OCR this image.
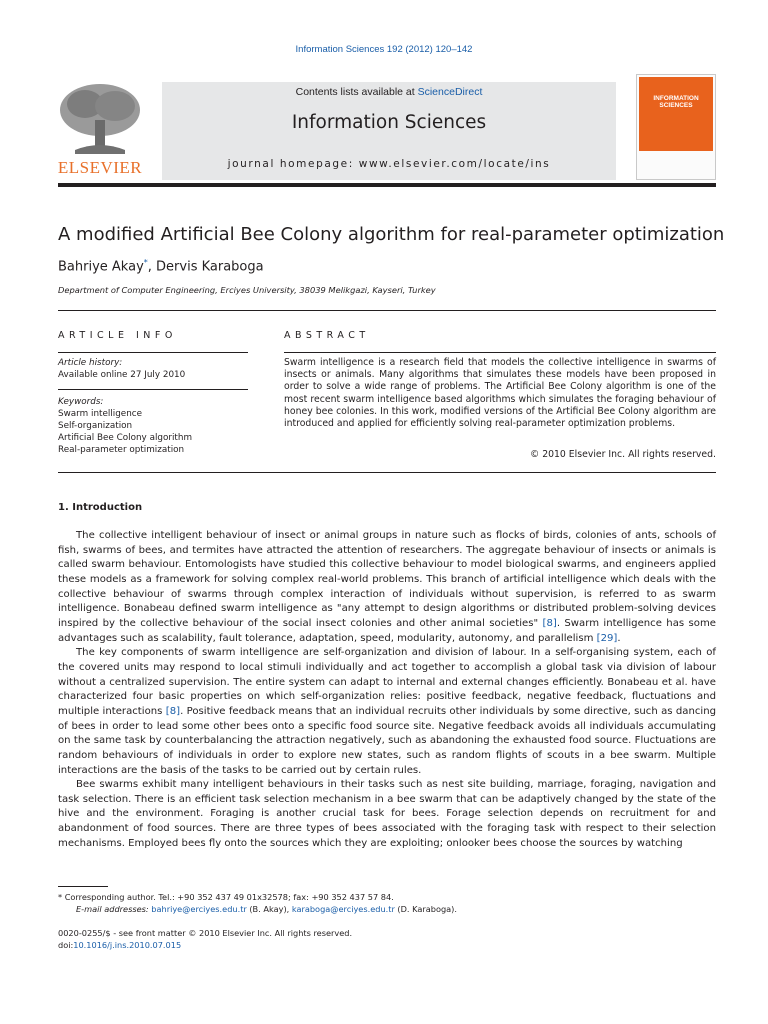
Information Sciences 192 (2012) 120–142
ELSEVIER
Contents lists available at ScienceDirect
Information Sciences
journal homepage: www.elsevier.com/locate/ins
INFORMATION
SCIENCES
A modified Artificial Bee Colony algorithm for real-parameter optimization
Bahriye Akay*, Dervis Karaboga
Department of Computer Engineering, Erciyes University, 38039 Melikgazi, Kayseri, Turkey
ARTICLE INFO	ABSTRACT
Article history:
Available online 27 July 2010
Keywords:
Swarm intelligence
Self-organization
Artificial Bee Colony algorithm
Real-parameter optimization
Swarm intelligence is a research field that models the collective intelligence in swarms of insects or animals. Many algorithms that simulates these models have been proposed in order to solve a wide range of problems. The Artificial Bee Colony algorithm is one of the most recent swarm intelligence based algorithms which simulates the foraging behaviour of honey bee colonies. In this work, modified versions of the Artificial Bee Colony algorithm are introduced and applied for efficiently solving real-parameter optimization problems.
© 2010 Elsevier Inc. All rights reserved.
1. Introduction

The collective intelligent behaviour of insect or animal groups in nature such as flocks of birds, colonies of ants, schools of fish, swarms of bees, and termites have attracted the attention of researchers. The aggregate behaviour of insects or animals is called swarm behaviour. Entomologists have studied this collective behaviour to model biological swarms, and engineers applied these models as a framework for solving complex real-world problems. This branch of artificial intelligence which deals with the collective behaviour of swarms through complex interaction of individuals without supervision, is referred to as swarm intelligence. Bonabeau defined swarm intelligence as "any attempt to design algorithms or distributed problem-solving devices inspired by the collective behaviour of the social insect colonies and other animal societies" [8]. Swarm intelligence has some advantages such as scalability, fault tolerance, adaptation, speed, modularity, autonomy, and parallelism [29].

The key components of swarm intelligence are self-organization and division of labour. In a self-organising system, each of the covered units may respond to local stimuli individually and act together to accomplish a global task via division of labour without a centralized supervision. The entire system can adapt to internal and external changes efficiently. Bonabeau et al. have characterized four basic properties on which self-organization relies: positive feedback, negative feedback, fluctuations and multiple interactions [8]. Positive feedback means that an individual recruits other individuals by some directive, such as dancing of bees in order to lead some other bees onto a specific food source site. Negative feedback avoids all individuals accumulating on the same task by counterbalancing the attraction negatively, such as abandoning the exhausted food source. Fluctuations are random behaviours of individuals in order to explore new states, such as random flights of scouts in a bee swarm. Multiple interactions are the basis of the tasks to be carried out by certain rules.

Bee swarms exhibit many intelligent behaviours in their tasks such as nest site building, marriage, foraging, navigation and task selection. There is an efficient task selection mechanism in a bee swarm that can be adaptively changed by the state of the hive and the environment. Foraging is another crucial task for bees. Forage selection depends on recruitment for and abandonment of food sources. There are three types of bees associated with the foraging task with respect to their selection mechanisms. Employed bees fly onto the sources which they are exploiting; onlooker bees choose the sources by watching

* Corresponding author. Tel.: +90 352 437 49 01x32578; fax: +90 352 437 57 84.
E-mail addresses: bahriye@erciyes.edu.tr (B. Akay), karaboga@erciyes.edu.tr (D. Karaboga).
0020-0255/$ - see front matter © 2010 Elsevier Inc. All rights reserved.
doi:10.1016/j.ins.2010.07.015
